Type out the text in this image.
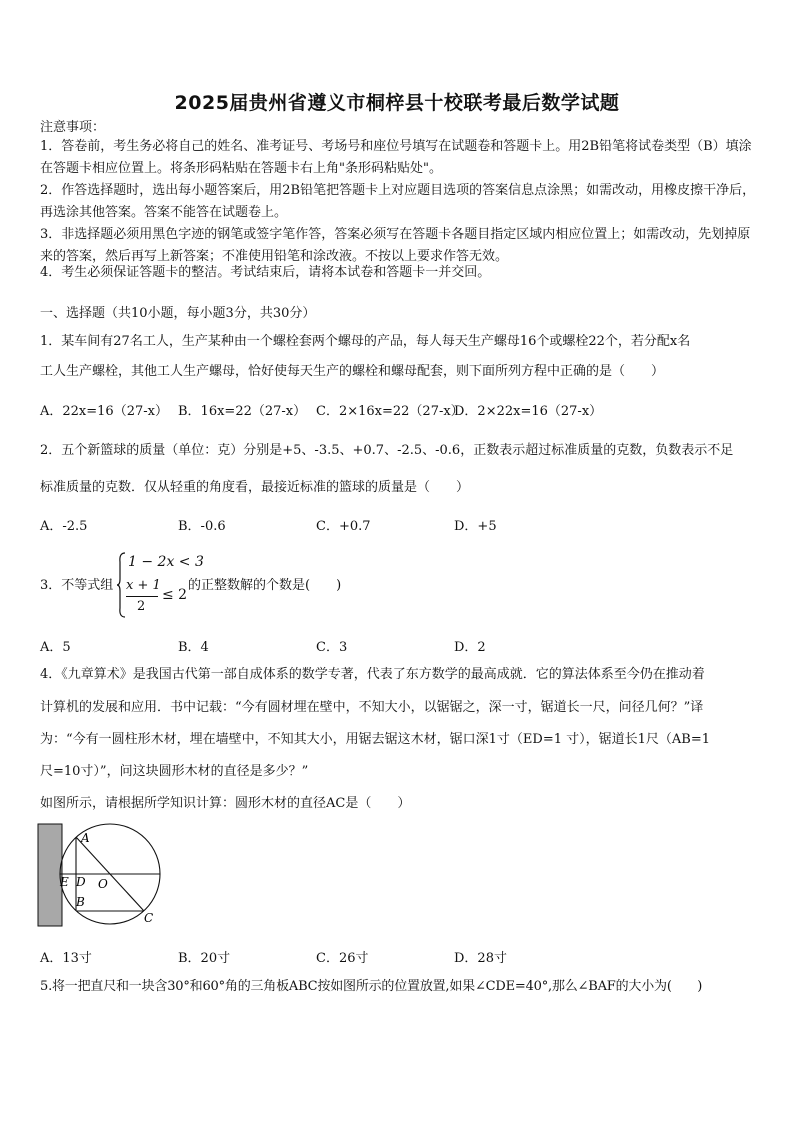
2025届贵州省遵义市桐梓县十校联考最后数学试题
注意事项：
1．答卷前，考生务必将自己的姓名、准考证号、考场号和座位号填写在试题卷和答题卡上。用2B铅笔将试卷类型（B）填涂在答题卡相应位置上。将条形码粘贴在答题卡右上角"条形码粘贴处"。
2．作答选择题时，选出每小题答案后，用2B铅笔把答题卡上对应题目选项的答案信息点涂黑；如需改动，用橡皮擦干净后，再选涂其他答案。答案不能答在试题卷上。
3．非选择题必须用黑色字迹的钢笔或签字笔作答，答案必须写在答题卡各题目指定区域内相应位置上；如需改动，先划掉原来的答案，然后再写上新答案；不准使用铅笔和涂改液。不按以上要求作答无效。
4．考生必须保证答题卡的整洁。考试结束后，请将本试卷和答题卡一并交回。
一、选择题（共10小题，每小题3分，共30分）
1．某车间有27名工人，生产某种由一个螺栓套两个螺母的产品，每人每天生产螺母16个或螺栓22个，若分配x名
工人生产螺栓，其他工人生产螺母，恰好使每天生产的螺栓和螺母配套，则下面所列方程中正确的是（　　）
A．22x=16（27-x） B．16x=22（27-x） C．2×16x=22（27-x）
D．2×22x=16（27-x）
2．五个新篮球的质量（单位：克）分别是+5、-3.5、+0.7、-2.5、-0.6，正数表示超过标准质量的克数，负数表示不足
标准质量的克数．仅从轻重的角度看，最接近标准的篮球的质量是（　　）
A．-2.5	B．-0.6	C．+0.7	D．+5
3．不等式组
1 − 2x < 3
x + 1
2
≤ 2
的正整数解的个数是(　　)
A．5	B．4	C．3	D．2
4．《九章算术》是我国古代第一部自成体系的数学专著，代表了东方数学的最高成就．它的算法体系至今仍在推动着
计算机的发展和应用．书中记载：“今有圆材埋在壁中，不知大小，以锯锯之，深一寸，锯道长一尺，问径几何？”译
为：“今有一圆柱形木材，埋在墙壁中，不知其大小，用锯去锯这木材，锯口深1寸（ED=1 寸），锯道长1尺（AB=1
尺=10寸）”，问这块圆形木材的直径是多少？”
如图所示，请根据所学知识计算：圆形木材的直径AC是（　　）
A
E D O
B
C
A．13寸	B．20寸	C．26寸	D．28寸
5.将一把直尺和一块含30°和60°角的三角板ABC按如图所示的位置放置,如果∠CDE=40°,那么∠BAF的大小为(　　)
